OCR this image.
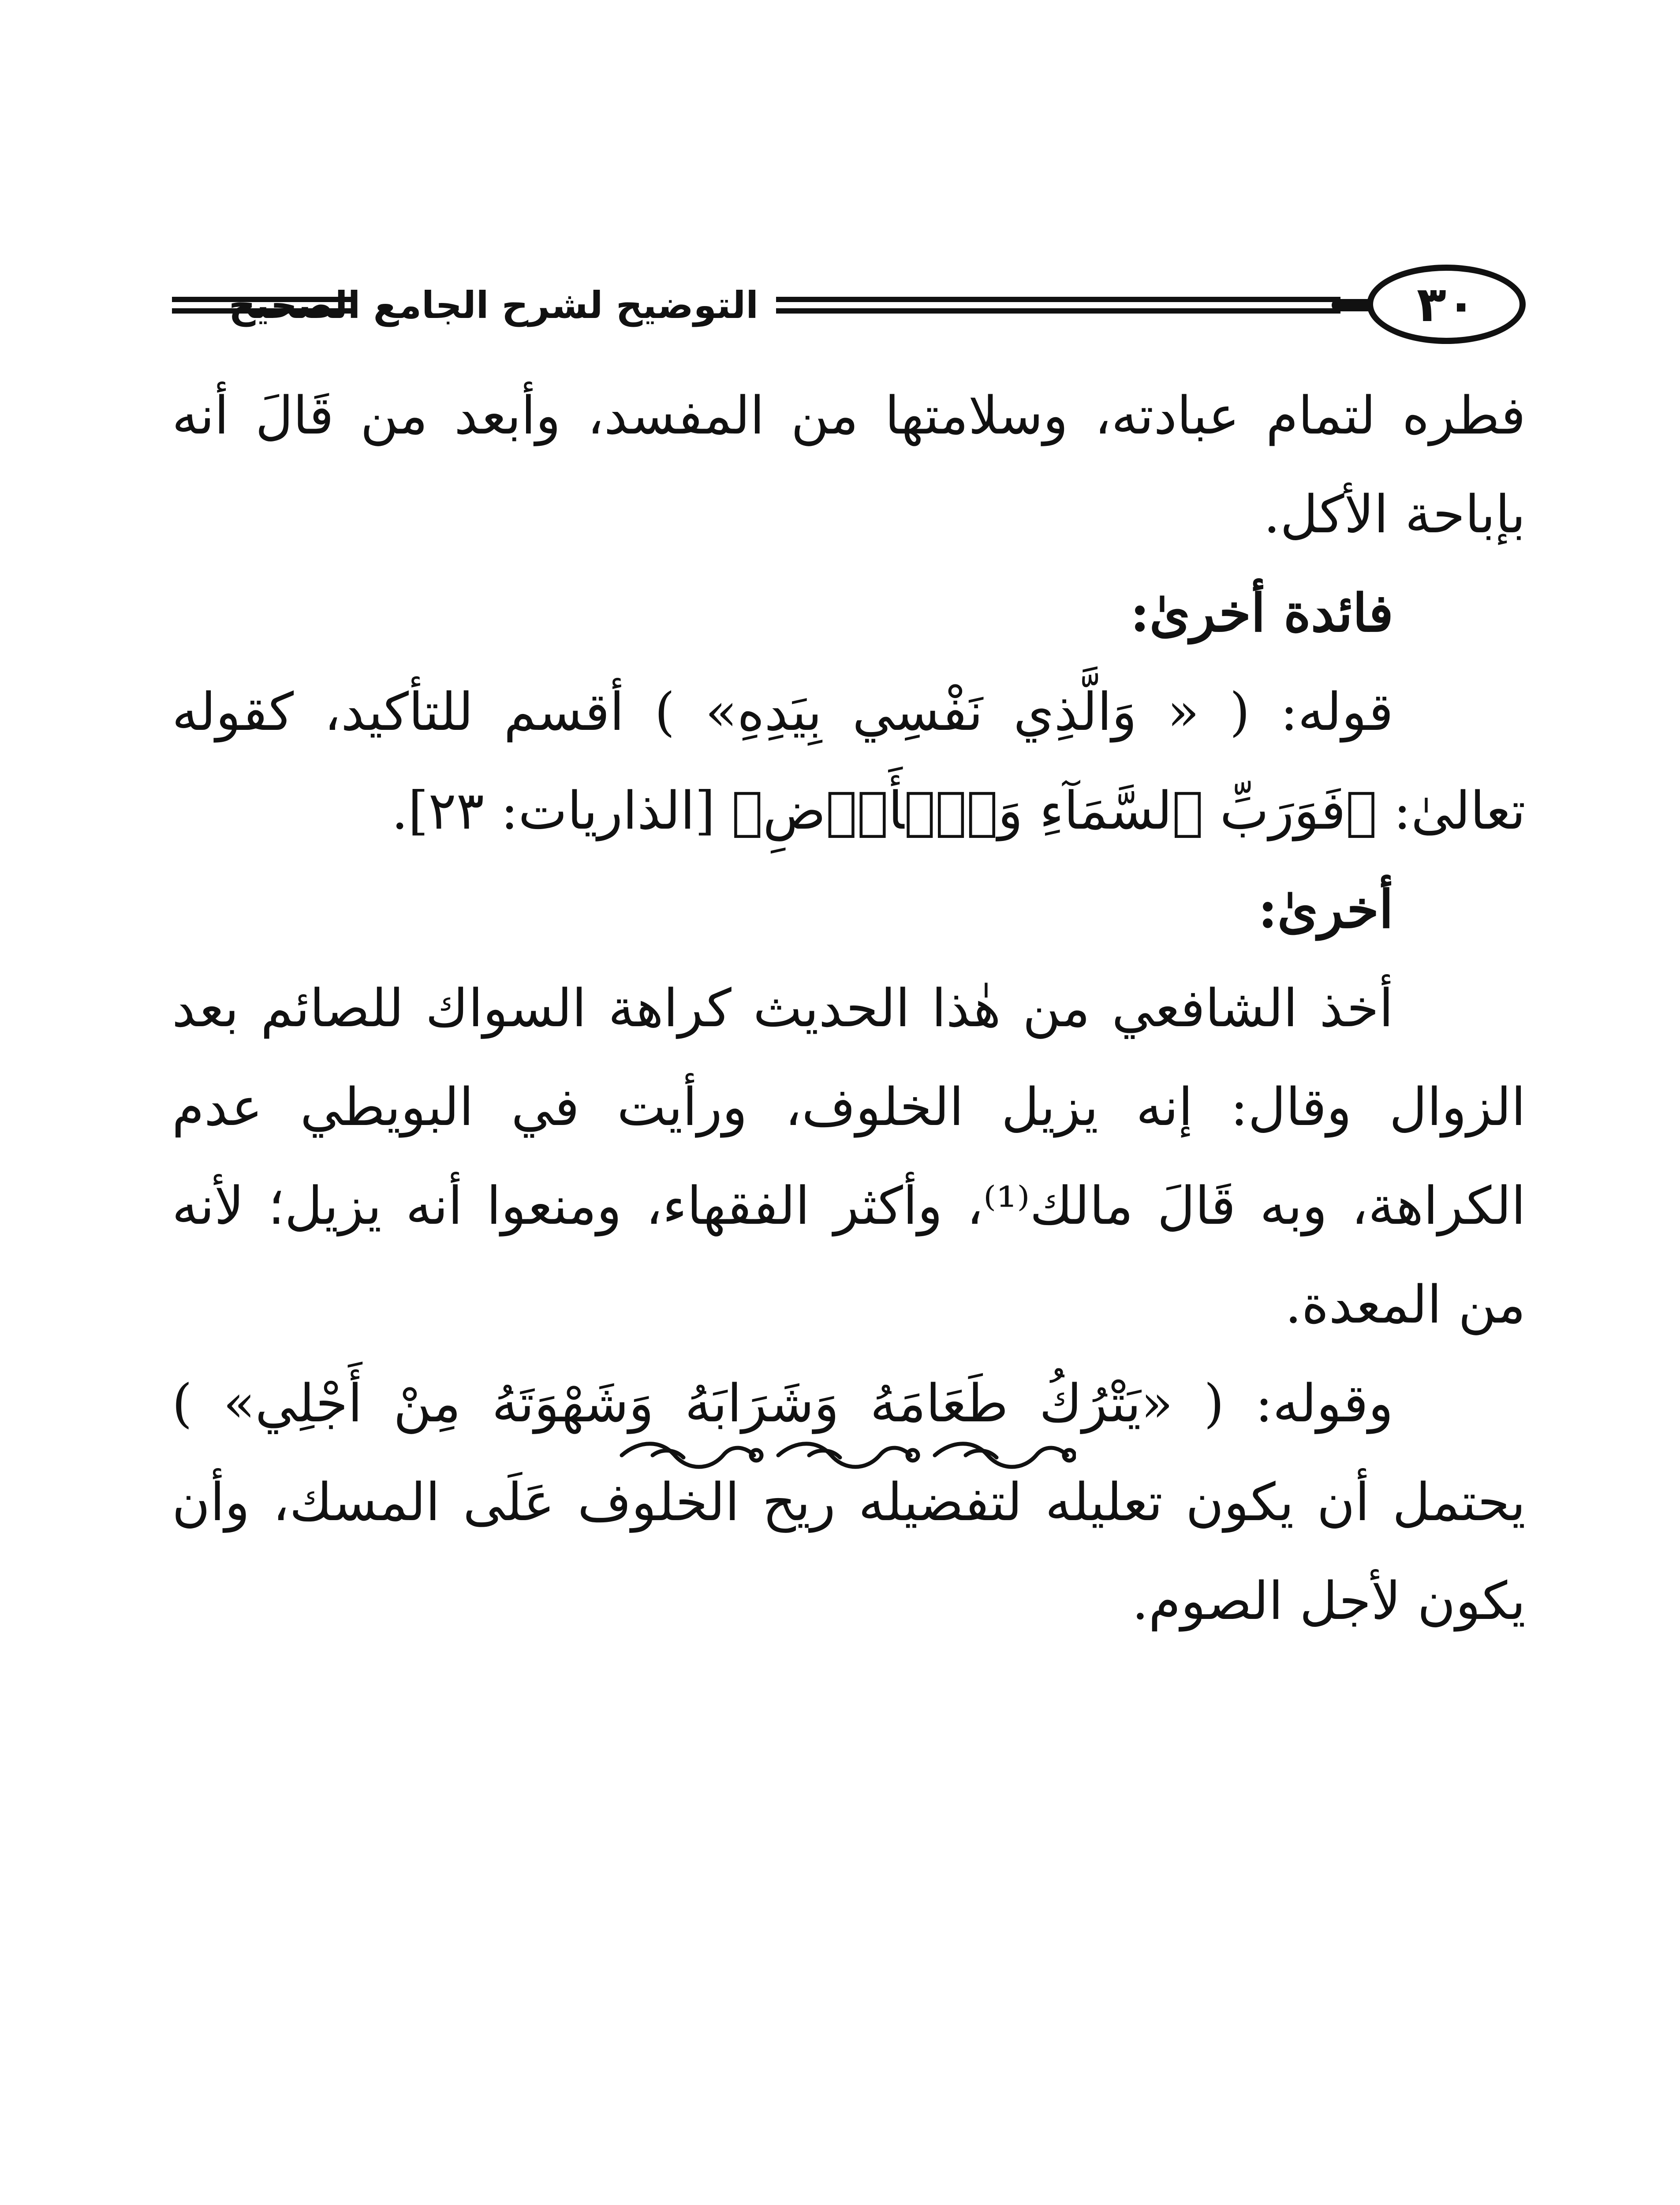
٣٠
التوضيح لشرح الجامع الصحيح

فطره لتمام عبادته، وسلامتها من المفسد، وأبعد من قَالَ أنه بإباحة الأكل.

فائدة أخرىٰ:

قوله: ( « وَالَّذِي نَفْسِي بِيَدِهِ» ) أقسم للتأكيد، كقوله تعالىٰ: ﴿فَوَرَبِّ ٱلسَّمَآءِ وَٱلۡأَرۡضِ﴾ [الذاريات: ٢٣].

أخرىٰ:

أخذ الشافعي من هٰذا الحديث كراهة السواك للصائم بعد الزوال وقال: إنه يزيل الخلوف، ورأيت في البويطي عدم الكراهة، وبه قَالَ مالك⁽¹⁾، وأكثر الفقهاء، ومنعوا أنه يزيل؛ لأنه من المعدة.

وقوله: ( «يَتْرُكُ طَعَامَهُ وَشَرَابَهُ وَشَهْوَتَهُ مِنْ أَجْلِي» ) يحتمل أن يكون تعليله لتفضيله ريح الخلوف عَلَى المسك، وأن يكون لأجل الصوم.
